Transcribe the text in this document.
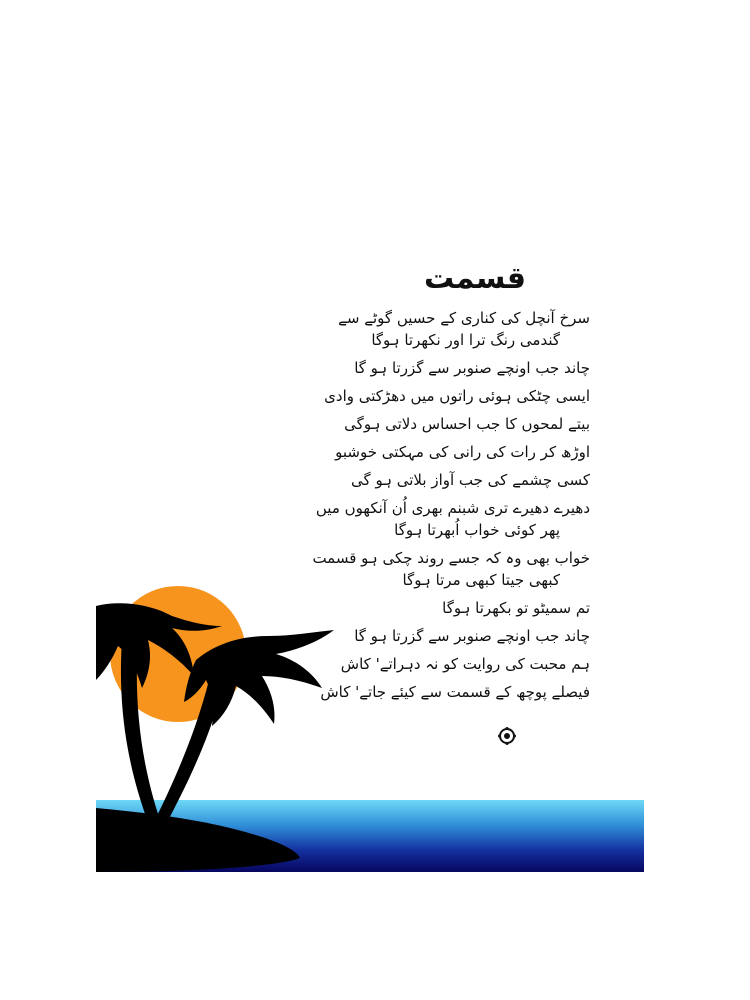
قسمت
سرخ آنچل کی کناری کے حسیں گوٹے سے
گندمی رنگ ترا اور نکھرتا ہوگا
چاند جب اونچے صنوبر سے گزرتا ہو گا
ایسی چٹکی ہوئی راتوں میں دھڑکتی وادی
بیتے لمحوں کا جب احساس دلاتی ہوگی
اوڑھ کر رات کی رانی کی مہکتی خوشبو
کسی چشمے کی جب آواز بلاتی ہو گی
دھیرے دھیرے تری شبنم بھری اُن آنکھوں میں
پھر کوئی خواب اُبھرتا ہوگا
خواب بھی وہ کہ جسے روند چکی ہو قسمت
کبھی جیتا کبھی مرتا ہوگا
تم سمیٹو تو بکھرتا ہوگا
چاند جب اونچے صنوبر سے گزرتا ہو گا
ہم محبت کی روایت کو نہ دہراتے' کاش
فیصلے پوچھ کے قسمت سے کیئے جاتے' کاش
